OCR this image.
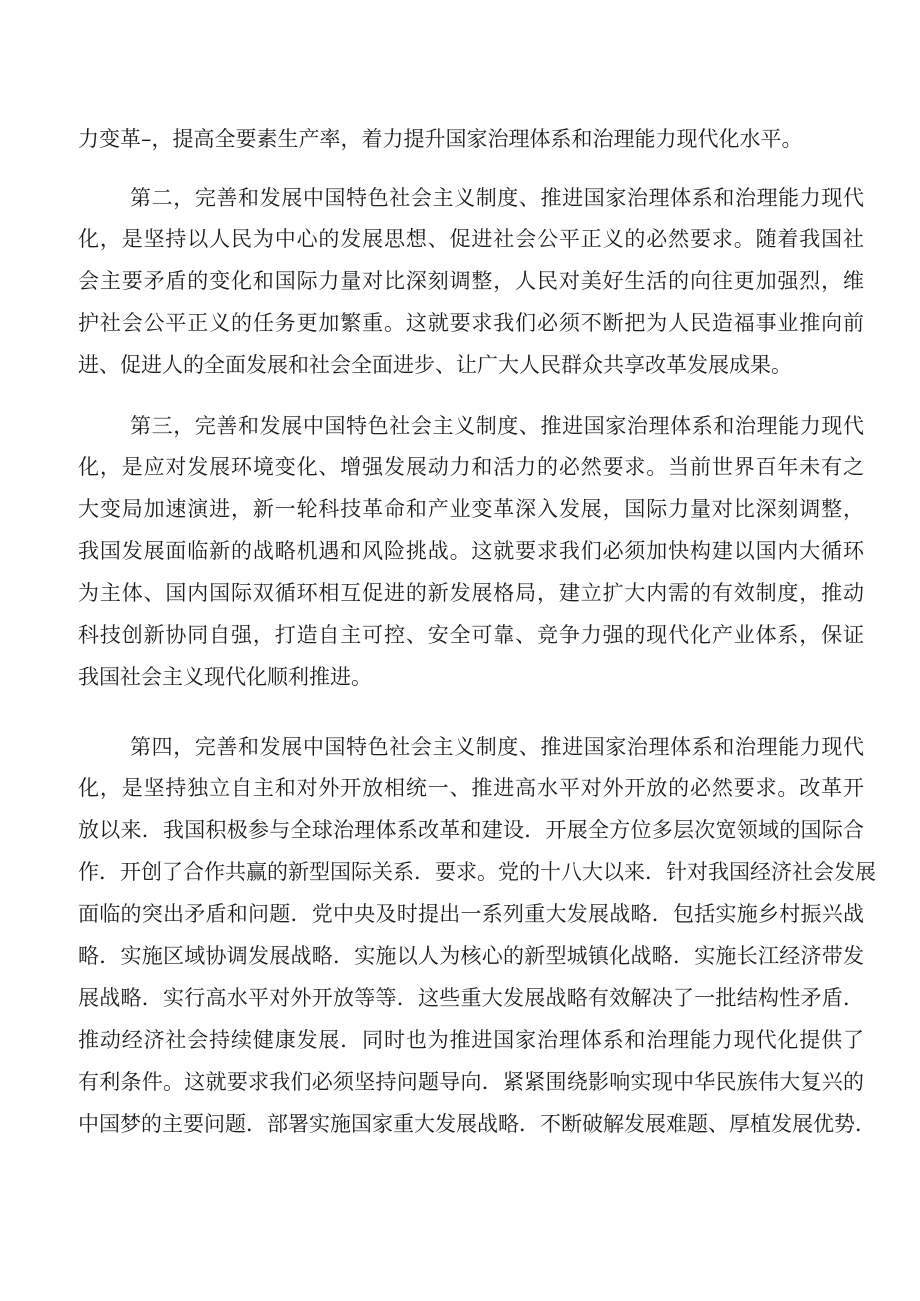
力变革–，提高全要素生产率，着力提升国家治理体系和治理能力现代化水平。

第二，完善和发展中国特色社会主义制度、推进国家治理体系和治理能力现代

化，是坚持以人民为中心的发展思想、促进社会公平正义的必然要求。随着我国社

会主要矛盾的变化和国际力量对比深刻调整，人民对美好生活的向往更加强烈，维

护社会公平正义的任务更加繁重。这就要求我们必须不断把为人民造福事业推向前

进、促进人的全面发展和社会全面进步、让广大人民群众共享改革发展成果。

第三，完善和发展中国特色社会主义制度、推进国家治理体系和治理能力现代

化，是应对发展环境变化、增强发展动力和活力的必然要求。当前世界百年未有之

大变局加速演进，新一轮科技革命和产业变革深入发展，国际力量对比深刻调整，

我国发展面临新的战略机遇和风险挑战。这就要求我们必须加快构建以国内大循环

为主体、国内国际双循环相互促进的新发展格局，建立扩大内需的有效制度，推动

科技创新协同自强，打造自主可控、安全可靠、竞争力强的现代化产业体系，保证

我国社会主义现代化顺利推进。

第四，完善和发展中国特色社会主义制度、推进国家治理体系和治理能力现代

化，是坚持独立自主和对外开放相统一、推进高水平对外开放的必然要求。改革开

放以来．我国积极参与全球治理体系改革和建设．开展全方位多层次宽领域的国际合

作．开创了合作共赢的新型国际关系．要求。党的十八大以来．针对我国经济社会发展

面临的突出矛盾和问题．党中央及时提出一系列重大发展战略．包括实施乡村振兴战

略．实施区域协调发展战略．实施以人为核心的新型城镇化战略．实施长江经济带发

展战略．实行高水平对外开放等等．这些重大发展战略有效解决了一批结构性矛盾．

推动经济社会持续健康发展．同时也为推进国家治理体系和治理能力现代化提供了

有利条件。这就要求我们必须坚持问题导向．紧紧围绕影响实现中华民族伟大复兴的

中国梦的主要问题．部署实施国家重大发展战略．不断破解发展难题、厚植发展优势．
